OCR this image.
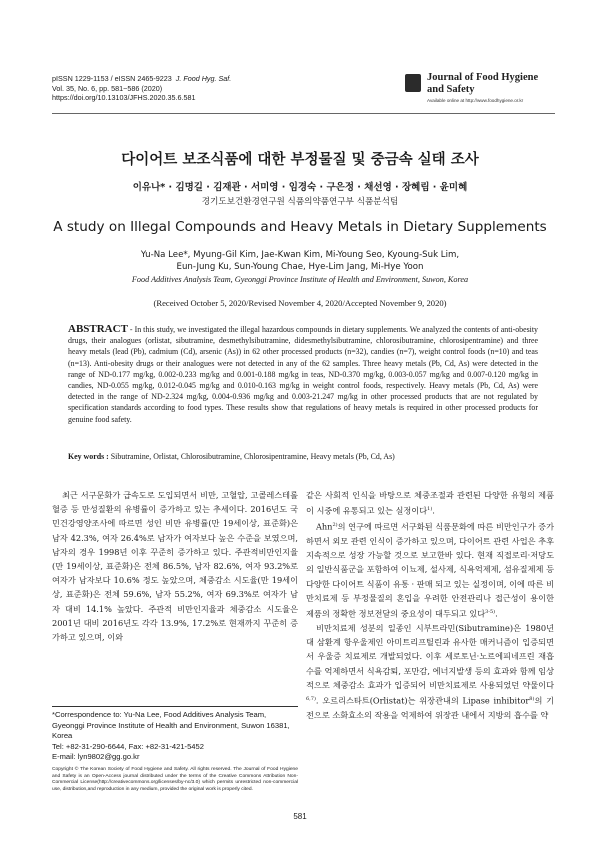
pISSN 1229-1153 / eISSN 2465-9223 J. Food Hyg. Saf.
Vol. 35, No. 6, pp. 581~586 (2020)
https://doi.org/10.13103/JFHS.2020.35.6.581
Journal of Food Hygiene
and Safety
Available online at http://www.foodhygiene.or.kr
다이어트 보조식품에 대한 부정물질 및 중금속 실태 조사
이유나* · 김명길 · 김재관 · 서미영 · 임경숙 · 구은정 · 채선영 · 장혜림 · 윤미혜
경기도보건환경연구원 식품의약품연구부 식품분석팀
A study on Illegal Compounds and Heavy Metals in Dietary Supplements
Yu-Na Lee*, Myung-Gil Kim, Jae-Kwan Kim, Mi-Young Seo, Kyoung-Suk Lim,
Eun-Jung Ku, Sun-Young Chae, Hye-Lim Jang, Mi-Hye Yoon
Food Additives Analysis Team, Gyeonggi Province Institute of Health and Environment, Suwon, Korea
(Received October 5, 2020/Revised November 4, 2020/Accepted November 9, 2020)
ABSTRACT - In this study, we investigated the illegal hazardous compounds in dietary supplements. We analyzed the contents of anti-obesity drugs, their analogues (orlistat, sibutramine, desmethylsibutramine, didesmethylsibutramine, chlorosibutramine, chlorosipentramine) and three heavy metals (lead (Pb), cadmium (Cd), arsenic (As)) in 62 other processed products (n=32), candies (n=7), weight control foods (n=10) and teas (n=13). Anti-obesity drugs or their analogues were not detected in any of the 62 samples. Three heavy metals (Pb, Cd, As) were detected in the range of ND-0.177 mg/kg, 0.002-0.233 mg/kg and 0.001-0.188 mg/kg in teas, ND-0.370 mg/kg, 0.003-0.057 mg/kg and 0.007-0.120 mg/kg in candies, ND-0.055 mg/kg, 0.012-0.045 mg/kg and 0.010-0.163 mg/kg in weight control foods, respectively. Heavy metals (Pb, Cd, As) were detected in the range of ND-2.324 mg/kg, 0.004-0.936 mg/kg and 0.003-21.247 mg/kg in other processed products that are not regulated by specification standards according to food types. These results show that regulations of heavy metals is required in other processed products for genuine food safety.
Key words : Sibutramine, Orlistat, Chlorosibutramine, Chlorosipentramine, Heavy metals (Pb, Cd, As)

최근 서구문화가 급속도로 도입되면서 비만, 고혈압, 고콜레스테롤혈증 등 만성질환의 유병률이 증가하고 있는 추세이다. 2016년도 국민건강영양조사에 따르면 성인 비만 유병률(만 19세이상, 표준화)은 남자 42.3%, 여자 26.4%로 남자가 여자보다 높은 수준을 보였으며, 남자의 경우 1998년 이후 꾸준히 증가하고 있다. 주관적비만인지율(만 19세이상, 표준화)은 전체 86.5%, 남자 82.6%, 여자 93.2%로 여자가 남자보다 10.6% 정도 높았으며, 체중감소 시도율(만 19세이상, 표준화)은 전체 59.6%, 남자 55.2%, 여자 69.3%로 여자가 남자 대비 14.1% 높았다. 주관적 비만인지율과 체중감소 시도율은 2001년 대비 2016년도 각각 13.9%, 17.2%로 현재까지 꾸준히 증가하고 있으며, 이와

같은 사회적 인식을 바탕으로 체중조절과 관련된 다양한 유형의 제품이 시중에 유통되고 있는 실정이다$^{1)}$.

Ahn$^{2)}$의 연구에 따르면 서구화된 식품문화에 따른 비만인구가 증가하면서 외모 관련 인식이 증가하고 있으며, 다이어트 관련 사업은 추후 지속적으로 성장 가능할 것으로 보고한바 있다. 현재 직접로리·저당도의 일반식품군을 포함하여 이뇨제, 설사제, 식욕억제제, 섬유질제제 등 다양한 다이어트 식품이 유통 · 판매 되고 있는 실정이며, 이에 따른 비만치료제 등 부정물질의 혼입을 우려한 안전관리나 접근성이 용이한 제품의 정확한 정보전달의 중요성이 대두되고 있다$^{3-5)}$.

비만치료제 성분의 일종인 시부트라민(Sibutramine)은 1980년대 삼환계 항우울제인 아미트리프틸린과 유사한 매커니즘이 입증되면서 우울증 치료제로 개발되었다. 이후 세로토닌·노르에피네프린 재흡수를 억제하면서 식욕감퇴, 포만감, 에너지발생 등의 효과와 함께 임상적으로 체중감소 효과가 입증되어 비만치료제로 사용되었던 약물이다$^{6,7)}$. 오르리스타트(Orlistat)는 위장관내의 Lipase inhibitor$^{8)}$의 기전으로 소화효소의 작용을 억제하여 위장관 내에서 지방의 흡수를 약

*Correspondence to: Yu-Na Lee, Food Additives Analysis Team, Gyeonggi Province Institute of Health and Environment, Suwon 16381, Korea
Tel: +82-31-290-6644, Fax: +82-31-421-5452
E-mail: lyn9802@gg.go.kr
Copyright © The Korean Society of Food Hygiene and Safety. All rights reserved. The Journal of Food Hygiene and Safety is an Open-Access journal distributed under the terms of the Creative Commons Attribution Non-Commercial License(http://creativecommons.org/licenses/by-nc/3.0) which permits unrestricted non-commercial use, distribution,and reproduction in any medium, provided the original work is properly cited.
581
